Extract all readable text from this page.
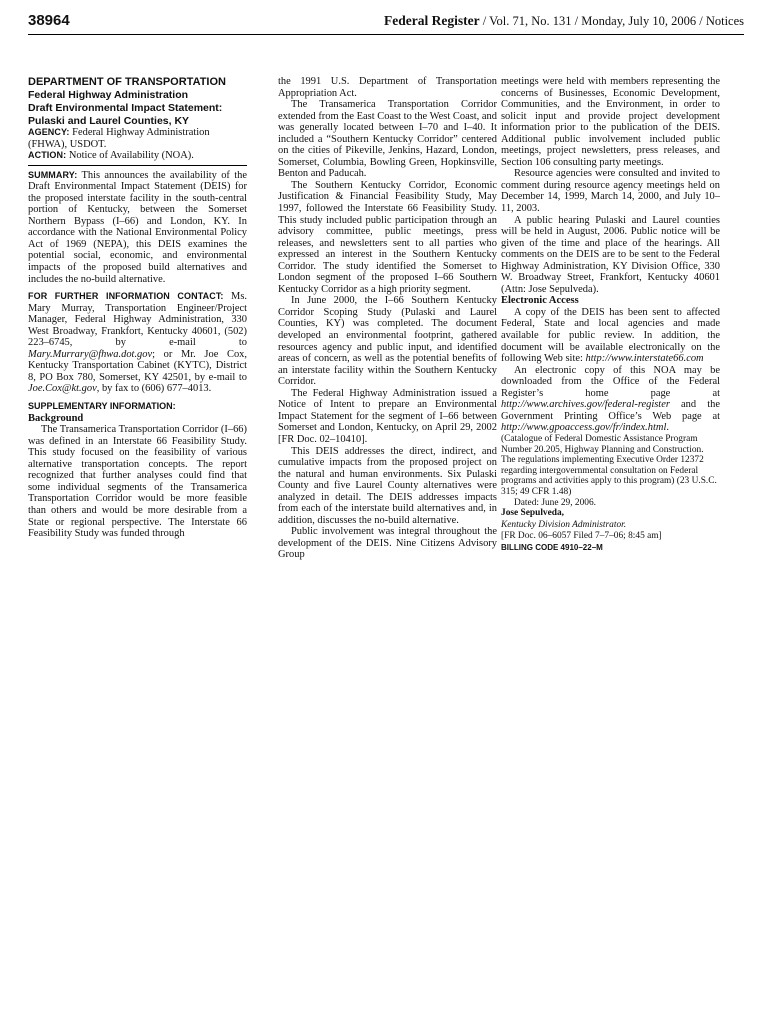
38964	Federal Register / Vol. 71, No. 131 / Monday, July 10, 2006 / Notices

DEPARTMENT OF TRANSPORTATION

Federal Highway Administration

Draft Environmental Impact Statement: Pulaski and Laurel Counties, KY

AGENCY: Federal Highway Administration (FHWA), USDOT.

ACTION: Notice of Availability (NOA).

SUMMARY: This announces the availability of the Draft Environmental Impact Statement (DEIS) for the proposed interstate facility in the south-central portion of Kentucky, between the Somerset Northern Bypass (I–66) and London, KY. In accordance with the National Environmental Policy Act of 1969 (NEPA), this DEIS examines the potential social, economic, and environmental impacts of the proposed build alternatives and includes the no-build alternative.

FOR FURTHER INFORMATION CONTACT: Ms. Mary Murray, Transportation Engineer/Project Manager, Federal Highway Administration, 330 West Broadway, Frankfort, Kentucky 40601, (502) 223–6745, by e-mail to Mary.Murrary@fhwa.dot.gov; or Mr. Joe Cox, Kentucky Transportation Cabinet (KYTC), District 8, PO Box 780, Somerset, KY 42501, by e-mail to Joe.Cox@kt.gov, by fax to (606) 677–4013.

SUPPLEMENTARY INFORMATION:

Background

The Transamerica Transportation Corridor (I–66) was defined in an Interstate 66 Feasibility Study. This study focused on the feasibility of various alternative transportation concepts. The report recognized that further analyses could find that some individual segments of the Transamerica Transportation Corridor would be more feasible than others and would be more desirable from a State or regional perspective. The Interstate 66 Feasibility Study was funded through

the 1991 U.S. Department of Transportation Appropriation Act.

The Transamerica Transportation Corridor extended from the East Coast to the West Coast, and was generally located between I–70 and I–40. It included a “Southern Kentucky Corridor” centered on the cities of Pikeville, Jenkins, Hazard, London, Somerset, Columbia, Bowling Green, Hopkinsville, Benton and Paducah.

The Southern Kentucky Corridor, Economic Justification & Financial Feasibility Study, May 1997, followed the Interstate 66 Feasibility Study. This study included public participation through an advisory committee, public meetings, press releases, and newsletters sent to all parties who expressed an interest in the Southern Kentucky Corridor. The study identified the Somerset to London segment of the proposed I–66 Southern Kentucky Corridor as a high priority segment.

In June 2000, the I–66 Southern Kentucky Corridor Scoping Study (Pulaski and Laurel Counties, KY) was completed. The document developed an environmental footprint, gathered resources agency and public input, and identified areas of concern, as well as the potential benefits of an interstate facility within the Southern Kentucky Corridor.

The Federal Highway Administration issued a Notice of Intent to prepare an Environmental Impact Statement for the segment of I–66 between Somerset and London, Kentucky, on April 29, 2002 [FR Doc. 02–10410].

This DEIS addresses the direct, indirect, and cumulative impacts from the proposed project on the natural and human environments. Six Pulaski County and five Laurel County alternatives were analyzed in detail. The DEIS addresses impacts from each of the interstate build alternatives and, in addition, discusses the no-build alternative.

Public involvement was integral throughout the development of the DEIS. Nine Citizens Advisory Group

meetings were held with members representing the concerns of Businesses, Economic Development, Communities, and the Environment, in order to solicit input and provide project development information prior to the publication of the DEIS. Additional public involvement included public meetings, project newsletters, press releases, and Section 106 consulting party meetings.

Resource agencies were consulted and invited to comment during resource agency meetings held on December 14, 1999, March 14, 2000, and July 10–11, 2003.

A public hearing Pulaski and Laurel counties will be held in August, 2006. Public notice will be given of the time and place of the hearings. All comments on the DEIS are to be sent to the Federal Highway Administration, KY Division Office, 330 W. Broadway Street, Frankfort, Kentucky 40601 (Attn: Jose Sepulveda).

Electronic Access

A copy of the DEIS has been sent to affected Federal, State and local agencies and made available for public review. In addition, the document will be available electronically on the following Web site: http://www.interstate66.com

An electronic copy of this NOA may be downloaded from the Office of the Federal Register’s home page at http://www.archives.gov/federal-register and the Government Printing Office’s Web page at http://www.gpoaccess.gov/fr/index.html.

(Catalogue of Federal Domestic Assistance Program Number 20.205, Highway Planning and Construction. The regulations implementing Executive Order 12372 regarding intergovernmental consultation on Federal programs and activities apply to this program) (23 U.S.C. 315; 49 CFR 1.48)

Dated: June 29, 2006.

Jose Sepulveda,

Kentucky Division Administrator.

[FR Doc. 06–6057 Filed 7–7–06; 8:45 am]

BILLING CODE 4910–22–M
